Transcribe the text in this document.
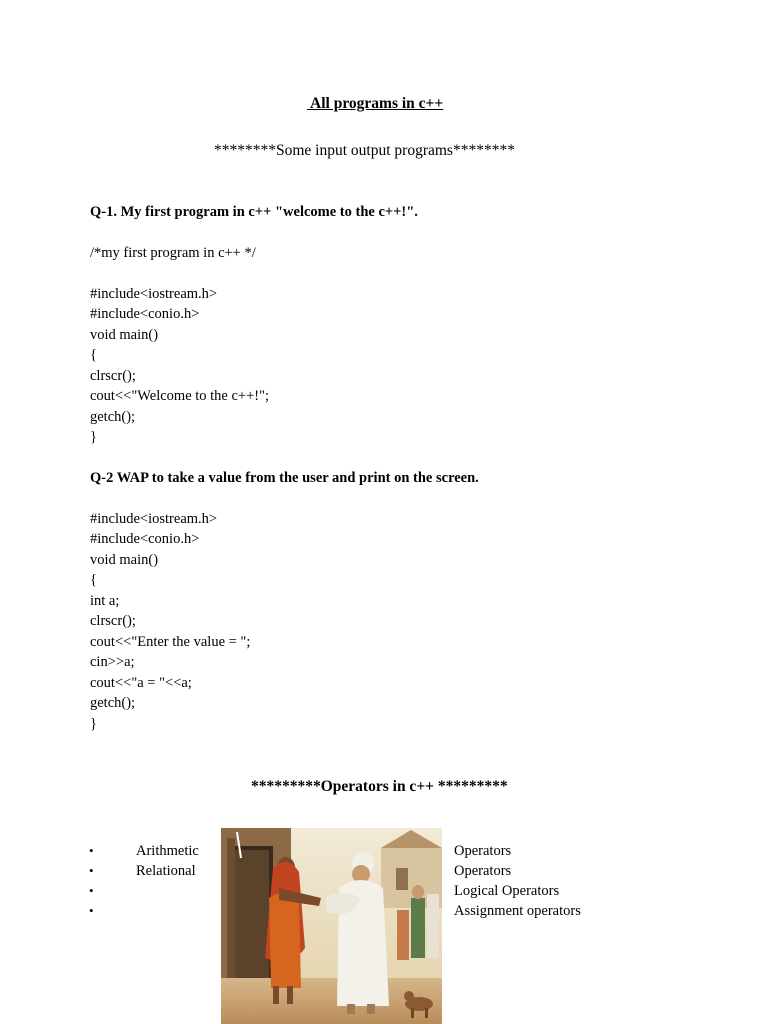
All programs in c++
********Some input output programs********
Q-1. My first program in c++ "welcome to the c++!".
/*my first program in c++ */
#include<iostream.h>
#include<conio.h>
void main()
{
clrscr();
cout<<"Welcome to the c++!";
getch();
}
Q-2 WAP to take a value from the user and print on the screen.
#include<iostream.h>
#include<conio.h>
void main()
{
int a;
clrscr();
cout<<"Enter the value = ";
cin>>a;
cout<<"a = "<<a;
getch();
}
*********Operators in c++ *********
•	Arithmetic	Operators
•	Relational	Operators
•	Logical Operators
•	Assignment operators
